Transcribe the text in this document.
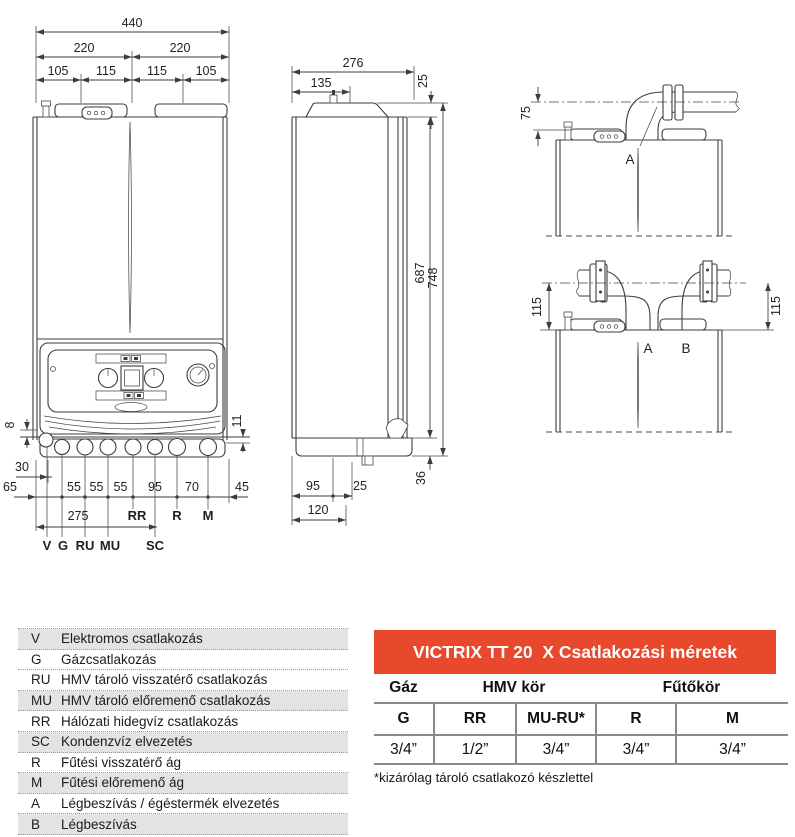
440
220	220
105 115 115 105
8	11
30
65	55 55 55 95 70	45
275	RR R M
V G RU MU SC
276
135	25
687 748
36
95	25
120
75
A
115	115
A B
V	Elektromos csatlakozás
G	Gázcsatlakozás
RU HMV tároló visszatérő csatlakozás
MU HMV tároló előremenő csatlakozás
RR Hálózati hidegvíz csatlakozás
SC Kondenzvíz elvezetés
R	Fűtési visszatérő ág
M	Fűtési előremenő ág
A	Légbeszívás / égéstermék elvezetés
B	Légbeszívás
VICTRIX TT 20  X Csatlakozási méretek
Gáz	HMV kör	Fűtőkör
G	RR	MU-RU*	R	M
3/4”	1/2”	3/4”	3/4”	3/4”
*kizárólag tároló csatlakozó készlettel
